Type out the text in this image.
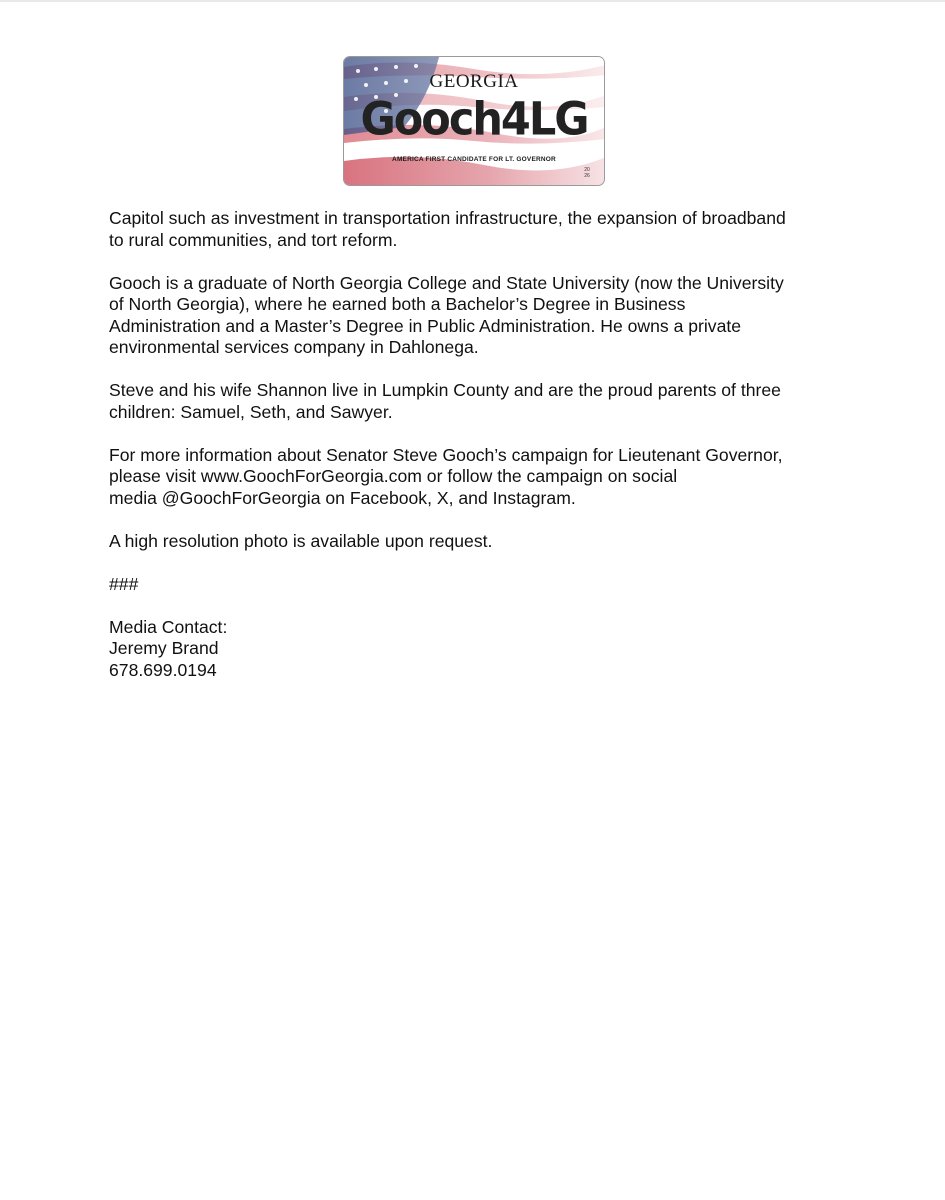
GEORGIA
Gooch4LG
AMERICA FIRST CANDIDATE FOR LT. GOVERNOR
20
26

Capitol such as investment in transportation infrastructure, the expansion of broadband
to rural communities, and tort reform.

Gooch is a graduate of North Georgia College and State University (now the University
of North Georgia), where he earned both a Bachelor’s Degree in Business
Administration and a Master’s Degree in Public Administration. He owns a private
environmental services company in Dahlonega.

Steve and his wife Shannon live in Lumpkin County and are the proud parents of three
children: Samuel, Seth, and Sawyer.

For more information about Senator Steve Gooch’s campaign for Lieutenant Governor,
please visit www.GoochForGeorgia.com or follow the campaign on social
media @GoochForGeorgia on Facebook, X, and Instagram.

A high resolution photo is available upon request.

###

Media Contact:
Jeremy Brand
678.699.0194
